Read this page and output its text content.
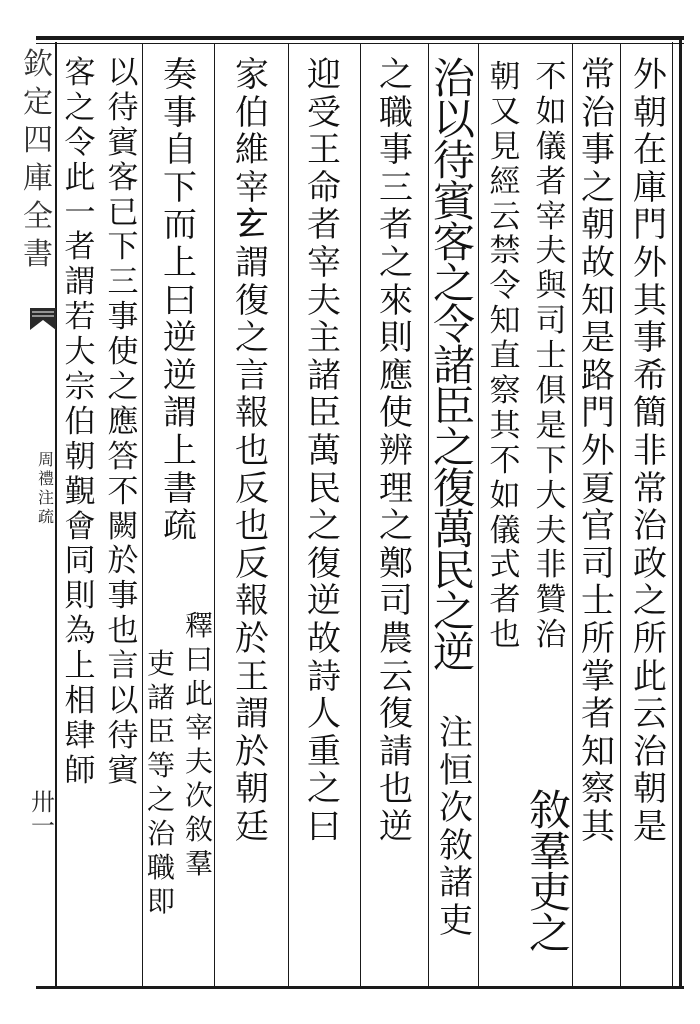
欽
定
四
庫
全
書
周
禮
注
疏
卅
一
外
朝
在
庫
門
外
其
事
希
簡
非
常
治
政
之
所
此
云
治
朝
是
常
治
事
之
朝
故
知
是
路
門
外
夏
官
司
士
所
掌
者
知
察
其
不
如
儀
者
宰
夫
與
司
士
俱
是
下
大
夫
非
贊
治
敘
羣
吏
之
朝
又
見
經
云
禁
令
知
直
察
其
不
如
儀
式
者
也
治
以
待
賓
客
之
令
諸
臣
之
復
萬
民
之
逆
注
恒
次
敘
諸
吏
之
職
事
三
者
之
來
則
應
使
辨
理
之
鄭
司
農
云
復
請
也
逆
迎
受
王
命
者
宰
夫
主
諸
臣
萬
民
之
復
逆
故
詩
人
重
之
曰
家
伯
維
宰
𤣥
謂
復
之
言
報
也
反
也
反
報
於
王
謂
於
朝
廷
奏
事
自
下
而
上
曰
逆
逆
謂
上
書
疏
釋
曰
此
宰
夫
次
敘
羣
以
待
賓
客
已
下
三
事
使
之
應
答
不
闕
於
事
也
言
以
待
賓
吏
諸
臣
等
之
治
職
即
客
之
令
此
一
者
謂
若
大
宗
伯
朝
覲
會
同
則
為
上
相
肆
師
